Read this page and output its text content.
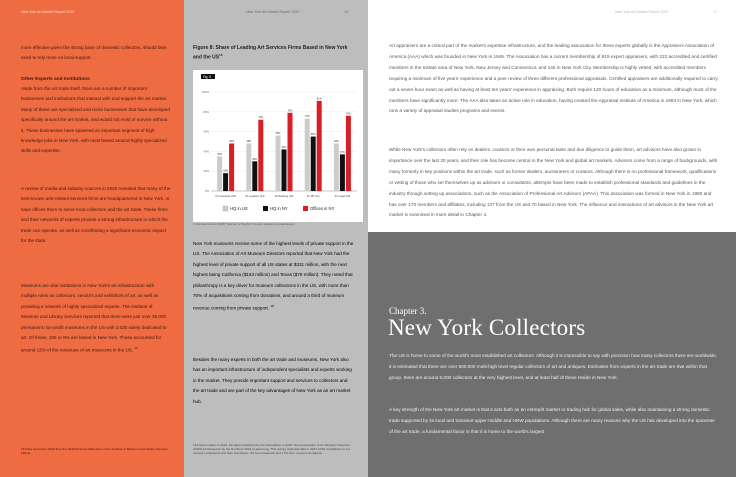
New York Art Market Report 2020

more effective given the strong base of domestic collectors, should fairs need to rely more on local support.

Other Experts and Institutions

Aside from the art trade itself, there are a number of important businesses and institutions that interact with and support the art market. Many of these are specialized and niche businesses that have developed specifically around the art market, and would not exist or survive without it. These businesses have spawned an important segment of high knowledge jobs in New York, with most based around highly specialized skills and expertise.

A review of media and industry sources in 2020 revealed that many of the best-known arts-related services firms are headquartered in New York, or have offices there to serve local collectors and the art trade. These firms and their networks of experts provide a strong infrastructure in which the trade can operate, as well as contributing a significant economic impact for the state.

Museums are vital institutions in New York's art infrastructure with multiple roles as collectors, vendors and exhibitors of art, as well as providing a network of highly specialized experts. The Institute of Museum and Library Services reported that there were just over 39,000 permanent non-profit museums in the US with 2,620 solely dedicated to art. Of those, 196 or 8% are based in New York. These accounted for around 13% of the revenues of art museums in the US. $^{15}$

15 Data sourced in 2020 from the 2018 Museum Data Files of the Institute of Museum and Library Services (IMLS).
New York Art Market Report 2020	16
Figure 8: Share of Leading Art Services Firms Based in New York and the US$^{16}$
Fig. 8
0%
20%
40%
60%
80%
100%
35%
18%
48%
Art Insurance (23)
48%
30%
72%
Art Logistics (23)
56%
42%
79%
Art Banking (19)
73%
55%
91%
Art PR (11)
48%
37%
76%
Art Legal (25)
HQ in US	HQ in NY	Offices in NY
© Arts Economics (2020)* Number of Top firm* in each sample (in parentheses)

New York museums receive some of the highest levels of private support in the US. The Association of Art Museum Directors reported that New York had the highest level of private support of all US states at $331 million, with the next highest being California ($163 million) and Texas ($79 million). They noted that philanthropy is a key driver for museum collections in the US, with more than 70% of acquisitions coming from donations, and around a third of museum revenue coming from private support. $^{18}$

Besides the many experts in both the art trade and museums, New York also has an important infrastructure of independent specialists and experts working in the market. They provide important support and services to collectors and the art trade and are part of the key advantages of New York as an art market hub.

16 Figures taken in 2016, the latest published by the Association in 2020. See Association of Art Museum Directors (2016) Art Museums by the Numbers 2016 at aamd.org. This survey collected data in 2017-2018 of additions to art museum collections and their purchases: 3% from bequests and 77% from museum donations.
New York Art Market Report 2020	17

Art appraisers are a critical part of the market's expertise infrastructure, and the leading association for these experts globally is the Appraisers Association of America (AAA) which was founded in New York in 1949. The Association has a current membership of 819 expert appraisers, with 222 accredited and certified members in the tristate area of New York, New Jersey and Connecticut, and 146 in New York City. Membership is highly vetted, with accredited members requiring a minimum of five years' experience and a peer review of three different professional appraisals. Certified appraisers are additionally required to carry out a seven-hour exam as well as having at least ten years' experience in appraising. Both require 120 hours of education as a minimum, although most of the members have significantly more. The AAA also takes an active role in education, having created the Appraisal Institute of America in 1983 in New York, which runs a variety of appraisal studies programs and events.

While New York's collectors often rely on dealers, curators or their own personal taste and due diligence to guide them, art advisors have also grown in importance over the last 20 years, and their role has become central in the New York and global art markets. Advisors come from a range of backgrounds, with many formerly in key positions within the art trade, such as former dealers, auctioneers or curators. Although there is no professional framework, qualifications or vetting of those who set themselves up as advisors or consultants, attempts have been made to establish professional standards and guidelines in the industry through setting up associations, such as the Association of Professional Art Advisors (APAA). This association was formed in New York in 1980 and has over 170 members and affiliates, including 137 from the US and 70 based in New York. The influence and interactions of art advisors in the New York art market is examined in more detail in Chapter 4.

Chapter 3.
New York Collectors

The US is home to some of the world's most established art collectors. Although it is impossible to say with precision how many collectors there are worldwide, it is estimated that there are over 500,000 multi-high level regular collectors of art and antiques. Estimates from experts in the art trade are that within that group, there are around 5,000 collectors at the very highest level, and at least half of these reside in New York.

A key strength of the New York art market is that it acts both as an entrepôt market or trading hub for global sales, while also maintaining a strong domestic trade supported by its local and transient upper-middle and HNW populations. Although there are many reasons why the US has developed into the epicenter of the art trade, a fundamental factor is that it is home to the world's largest
